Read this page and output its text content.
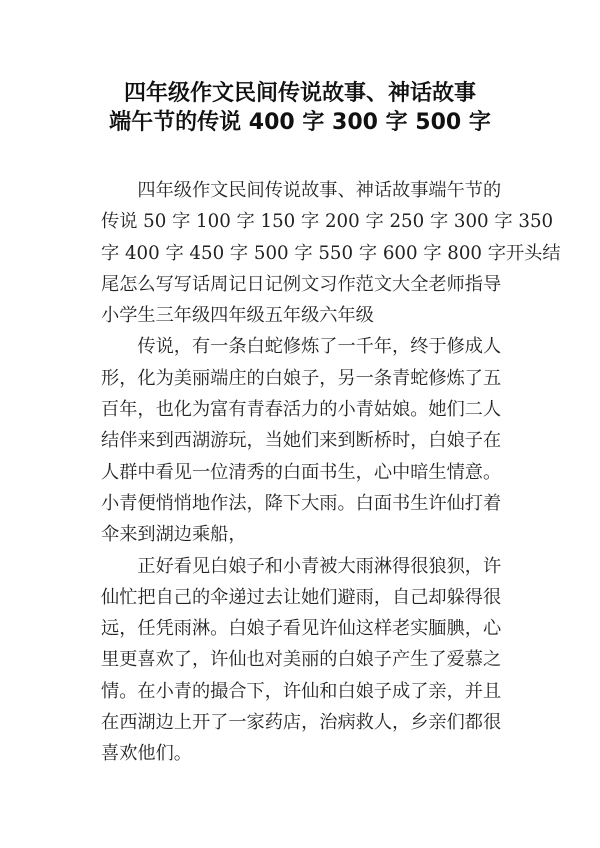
四年级作文民间传说故事、神话故事
端午节的传说 400 字 300 字 500 字
四年级作文民间传说故事、神话故事端午节的
传说 50 字 100 字 150 字 200 字 250 字 300 字 350
字 400 字 450 字 500 字 550 字 600 字 800 字开头结
尾怎么写写话周记日记例文习作范文大全老师指导
小学生三年级四年级五年级六年级
传说，有一条白蛇修炼了一千年，终于修成人
形，化为美丽端庄的白娘子，另一条青蛇修炼了五
百年，也化为富有青春活力的小青姑娘。她们二人
结伴来到西湖游玩，当她们来到断桥时，白娘子在
人群中看见一位清秀的白面书生，心中暗生情意。
小青便悄悄地作法，降下大雨。白面书生许仙打着
伞来到湖边乘船，
正好看见白娘子和小青被大雨淋得很狼狈，许
仙忙把自己的伞递过去让她们避雨，自己却躲得很
远，任凭雨淋。白娘子看见许仙这样老实腼腆，心
里更喜欢了，许仙也对美丽的白娘子产生了爱慕之
情。在小青的撮合下，许仙和白娘子成了亲，并且
在西湖边上开了一家药店，治病救人，乡亲们都很
喜欢他们。
